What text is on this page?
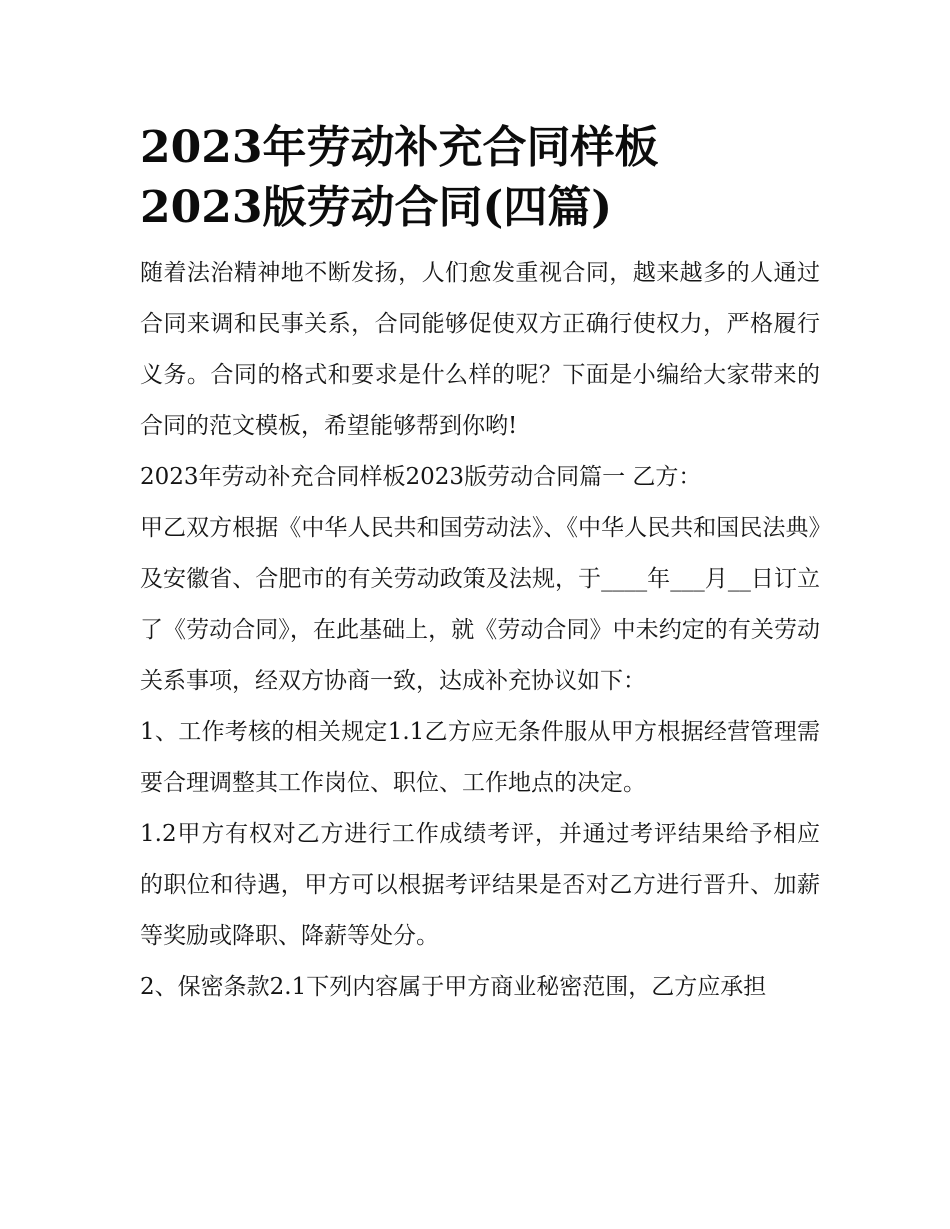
2023年劳动补充合同样板
2023版劳动合同(四篇)

随着法治精神地不断发扬，人们愈发重视合同，越来越多的人通过合同来调和民事关系，合同能够促使双方正确行使权力，严格履行义务。合同的格式和要求是什么样的呢？下面是小编给大家带来的合同的范文模板，希望能够帮到你哟!

2023年劳动补充合同样板2023版劳动合同篇一 乙方：

甲乙双方根据《中华人民共和国劳动法》、《中华人民共和国民法典》及安徽省、合肥市的有关劳动政策及法规，于____年___月__日订立了《劳动合同》，在此基础上，就《劳动合同》中未约定的有关劳动关系事项，经双方协商一致，达成补充协议如下：

1、工作考核的相关规定1.1乙方应无条件服从甲方根据经营管理需要合理调整其工作岗位、职位、工作地点的决定。

1.2甲方有权对乙方进行工作成绩考评，并通过考评结果给予相应的职位和待遇，甲方可以根据考评结果是否对乙方进行晋升、加薪等奖励或降职、降薪等处分。

2、保密条款2.1下列内容属于甲方商业秘密范围，乙方应承担
